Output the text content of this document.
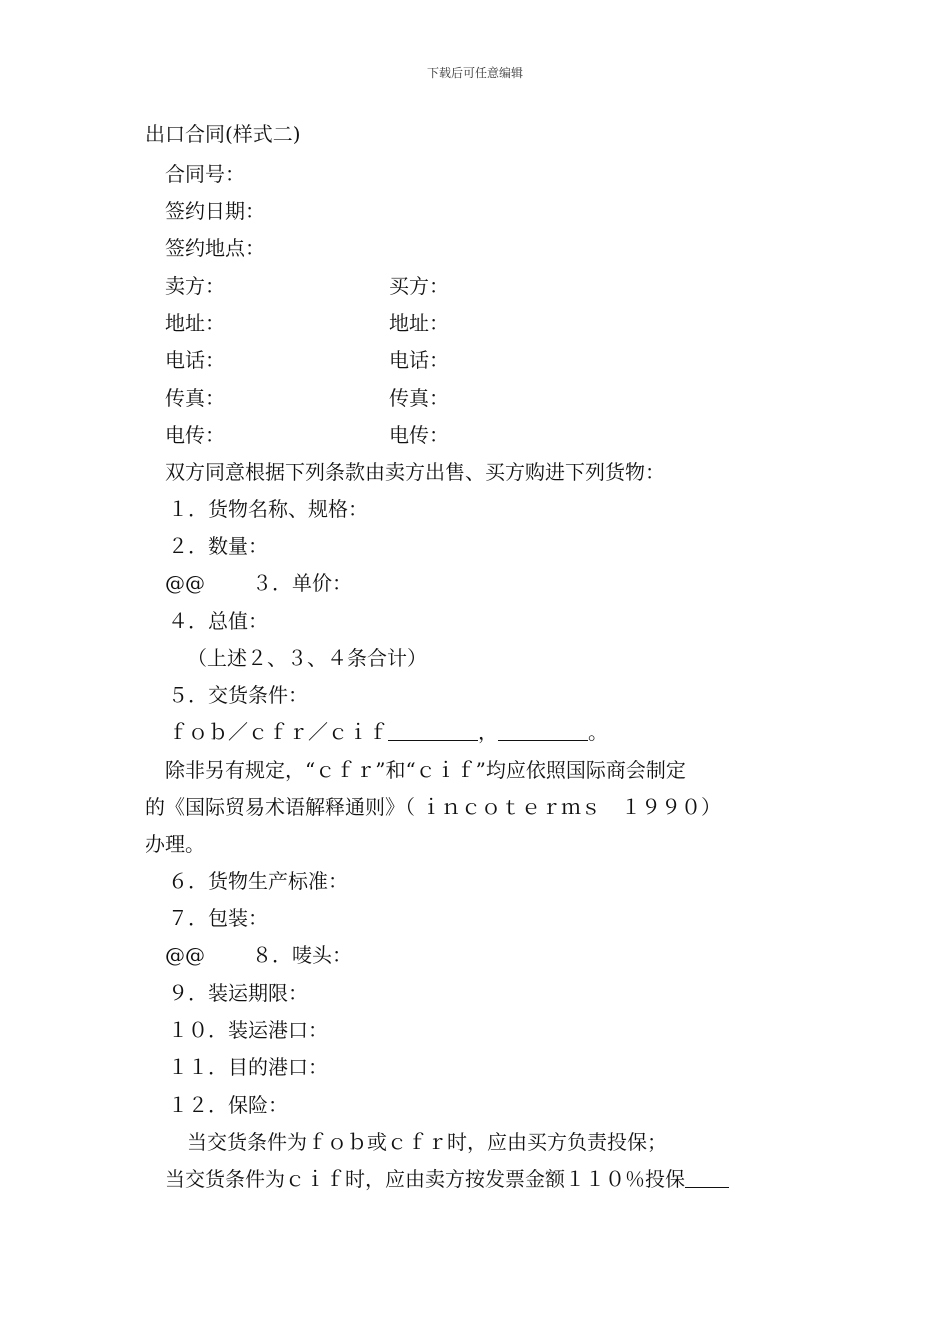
下载后可任意编辑
出口合同(样式二)
合同号：
签约日期：
签约地点：
卖方：	买方：
地址：	地址：
电话：	电话：
传真：	传真：
电传：	电传：
双方同意根据下列条款由卖方出售、买方购进下列货物：
１．货物名称、规格：
２．数量：
@@ ３．单价：
４．总值：
（上述２、３、４条合计）
５．交货条件：
ｆｏｂ／ｃｆｒ／ｃｉｆ	，	。
除非另有规定，“ｃｆｒ”和“ｃｉｆ”均应依照国际商会制定
的《国际贸易术语解释通则》（ ｉｎｃｏｔｅｒｍｓ　１９９０）
办理。
６．货物生产标准：
７．包装：
@@ ８．唛头：
９．装运期限：
１０．装运港口：
１１．目的港口：
１２．保险：
当交货条件为ｆｏｂ或ｃｆｒ时，应由买方负责投保；
当交货条件为ｃｉｆ时，应由卖方按发票金额１１０％投保
